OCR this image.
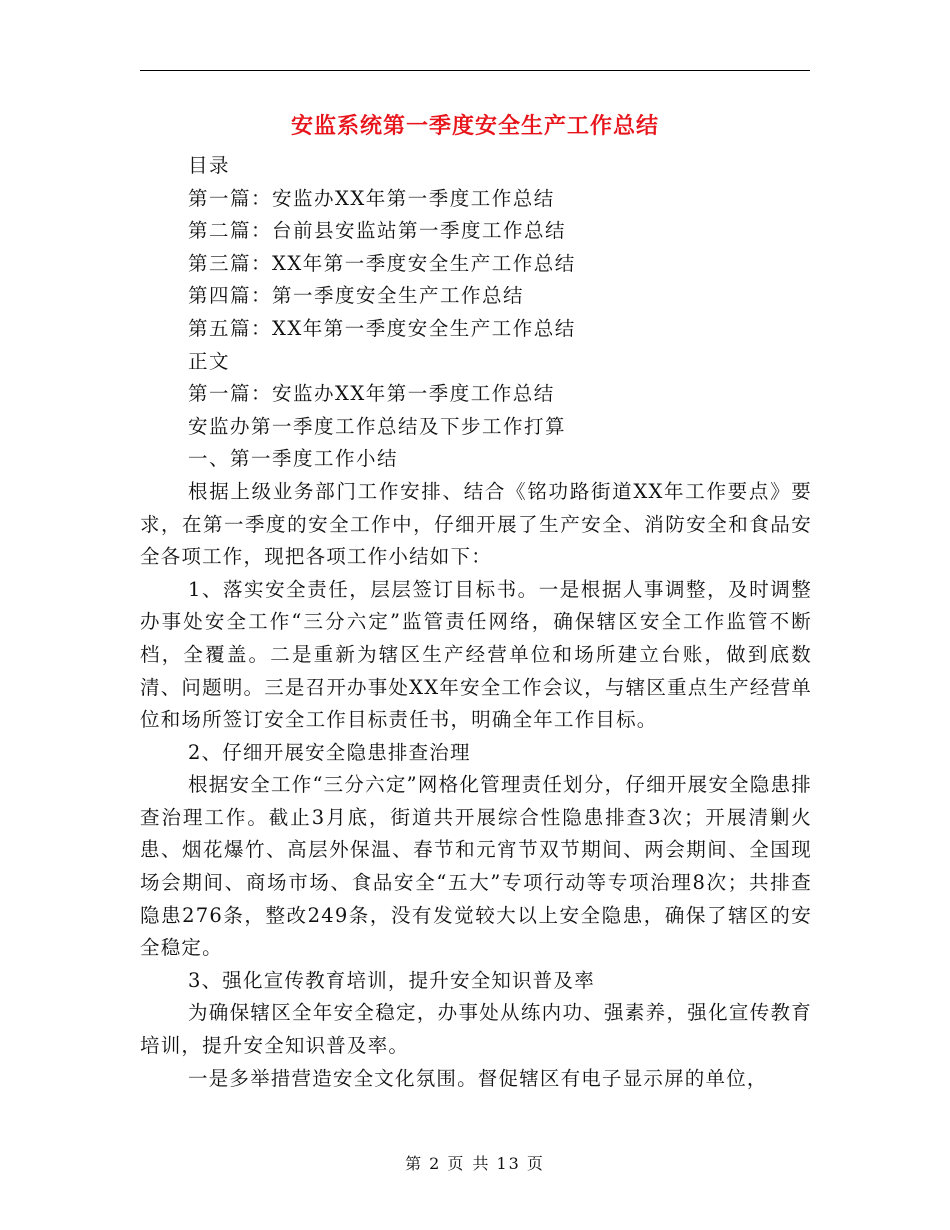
安监系统第一季度安全生产工作总结
目录
第一篇：安监办XX年第一季度工作总结
第二篇：台前县安监站第一季度工作总结
第三篇：XX年第一季度安全生产工作总结
第四篇：第一季度安全生产工作总结
第五篇：XX年第一季度安全生产工作总结
正文
第一篇：安监办XX年第一季度工作总结
安监办第一季度工作总结及下步工作打算
一、第一季度工作小结

根据上级业务部门工作安排、结合《铭功路街道XX年工作要点》要求，在第一季度的安全工作中，仔细开展了生产安全、消防安全和食品安全各项工作，现把各项工作小结如下：

1、落实安全责任，层层签订目标书。一是根据人事调整，及时调整办事处安全工作“三分六定”监管责任网络，确保辖区安全工作监管不断档，全覆盖。二是重新为辖区生产经营单位和场所建立台账，做到底数清、问题明。三是召开办事处XX年安全工作会议，与辖区重点生产经营单位和场所签订安全工作目标责任书，明确全年工作目标。

2、仔细开展安全隐患排查治理

根据安全工作“三分六定”网格化管理责任划分，仔细开展安全隐患排查治理工作。截止3月底，街道共开展综合性隐患排查3次；开展清剿火患、烟花爆竹、高层外保温、春节和元宵节双节期间、两会期间、全国现场会期间、商场市场、食品安全“五大”专项行动等专项治理8次；共排查隐患276条，整改249条，没有发觉较大以上安全隐患，确保了辖区的安全稳定。

3、强化宣传教育培训，提升安全知识普及率

为确保辖区全年安全稳定，办事处从练内功、强素养，强化宣传教育培训，提升安全知识普及率。

一是多举措营造安全文化氛围。督促辖区有电子显示屏的单位，

第 2 页 共 13 页
